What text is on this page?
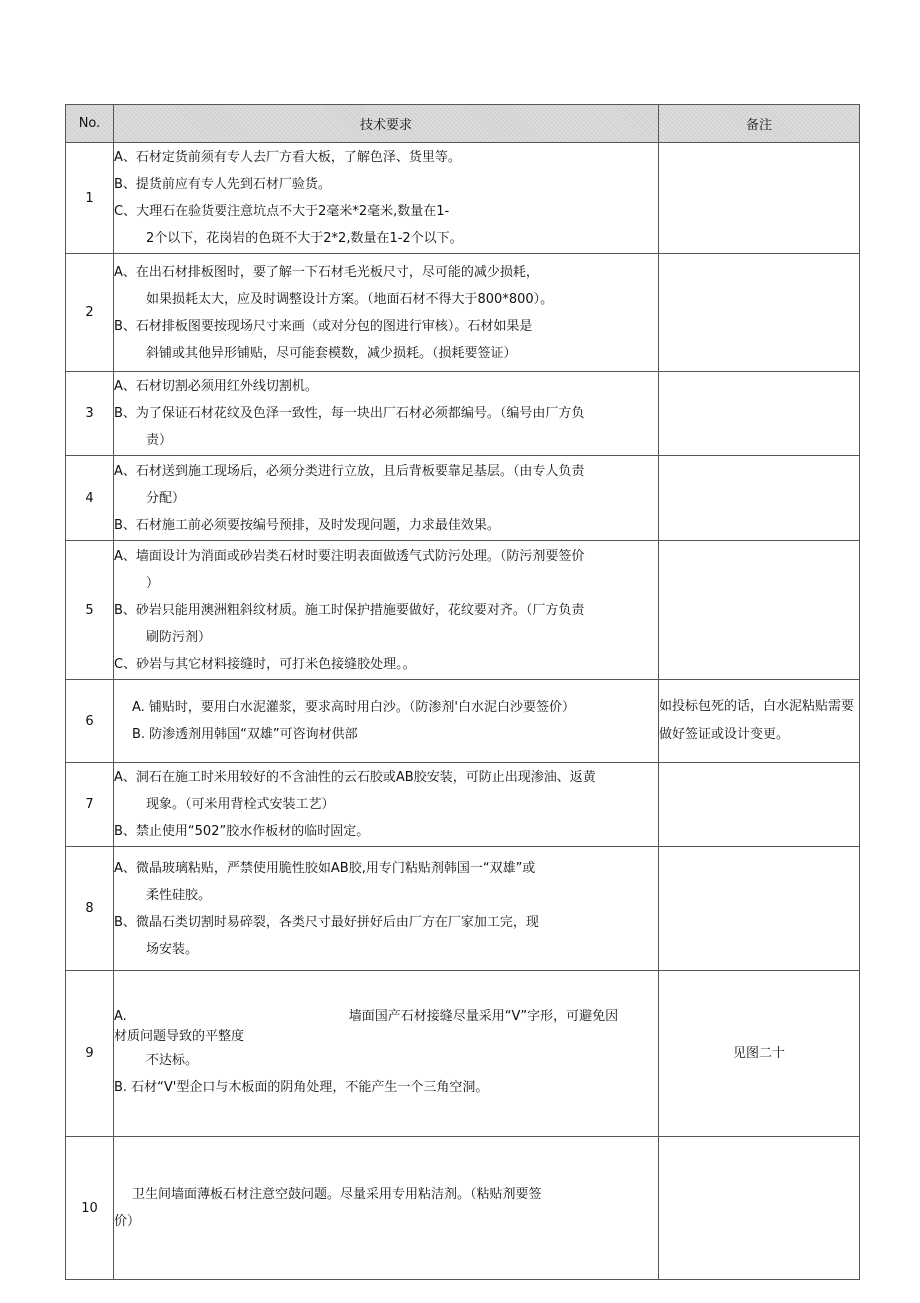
No.	技术要求	备注
1	A、石材定货前须有专人去厂方看大板，了解色泽、货里等。
B、提货前应有专人先到石材厂验货。
C、大理石在验货要注意坑点不大于2毫米*2毫米,数量在1-
2个以下，花岗岩的色斑不大于2*2,数量在1-2个以下。	

2	A、在出石材排板图时，要了解一下石材毛光板尺寸，尽可能的减少损耗，
如果损耗太大，应及时调整设计方案。（地面石材不得大于800*800）。
B、石材排板图要按现场尺寸来画（或对分包的图进行审核）。石材如果是
斜铺或其他异形铺贴，尽可能套模数，减少损耗。（损耗要签证）	

3	A、石材切割必须用红外线切割机。
B、为了保证石材花纹及色泽一致性，每一块出厂石材必须都编号。（编号由厂方负
责）	

4	A、石材送到施工现场后，必须分类进行立放，且后背板要靠足基层。（由专人负责
分配）
B、石材施工前必须要按编号预排，及时发现问题，力求最佳效果。	

5	A、墙面设计为消面或砂岩类石材时要注明表面做透气式防污处理。（防污剂要签价
）
B、砂岩只能用澳洲粗斜纹材质。施工时保护措施要做好，花纹要对齐。（厂方负责
刷防污剂）
C、砂岩与其它材料接缝时，可打米色接缝胶处理。。	

6	A. 铺贴时，要用白水泥灌浆，要求高时用白沙。（防渗剂'白水泥白沙要签价）
B. 防渗透剂用韩国“双雄”可咨询材供部	如投标包死的话，白水泥粘贴需要做好签证或设计变更。
7	A、洞石在施工时米用较好的不含油性的云石胶或AB胶安装，可防止出现渗油、返黄
现象。（可米用背栓式安装工艺）
B、禁止使用“502”胶水作板材的临时固定。	

8	A、微晶玻璃粘贴，严禁使用脆性胶如AB胶,用专门粘贴剂韩国一“双雄”或
柔性硅胶。
B、微晶石类切割时易碎裂，各类尺寸最好拼好后由厂方在厂家加工完，现
场安装。	

9	A. 墙面国产石材接缝尽量采用“V”字形，可避免因
材质问题导致的平整度
不达标。
B. 石材“V'型企口与木板面的阴角处理，不能产生一个三角空洞。	见图二十
10	卫生间墙面薄板石材注意空鼓问题。尽量采用专用粘洁剂。（粘贴剂要签
价）	
